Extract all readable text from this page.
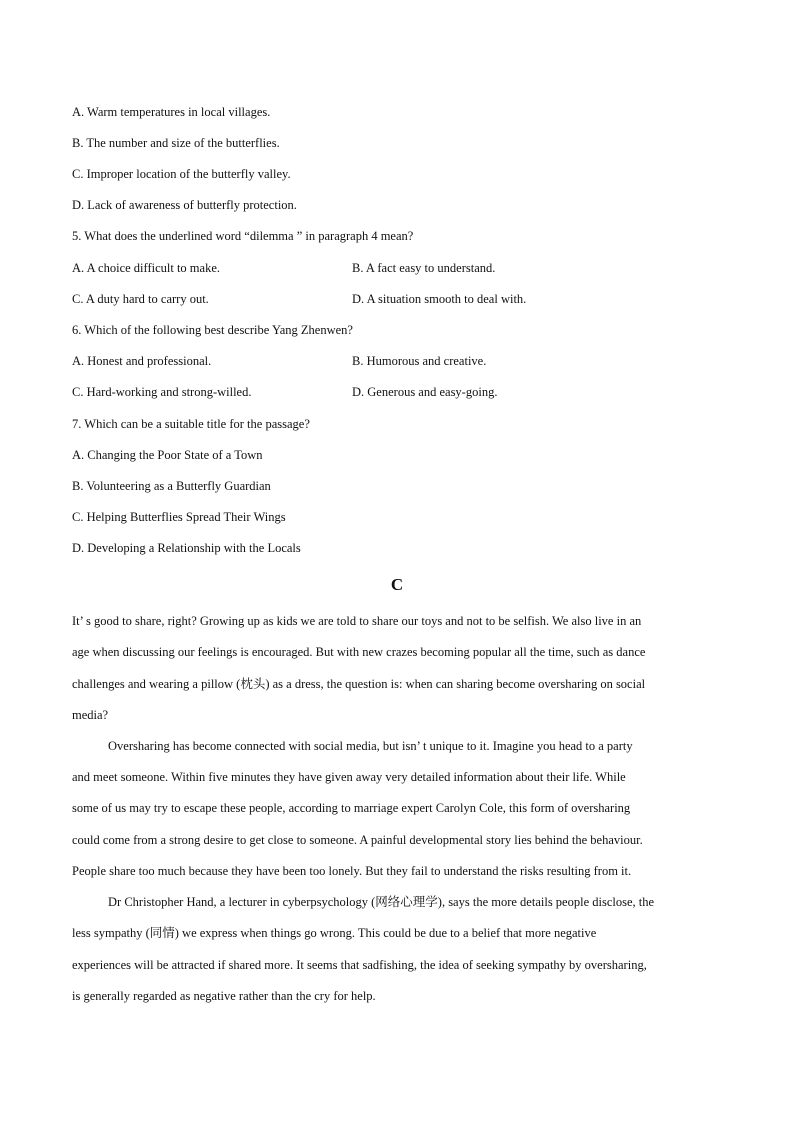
A. Warm temperatures in local villages.
B. The number and size of the butterflies.
C. Improper location of the butterfly valley.
D. Lack of awareness of butterfly protection.
5. What does the underlined word “dilemma ” in paragraph 4 mean?
A. A choice difficult to make.	B. A fact easy to understand.
C. A duty hard to carry out.	D. A situation smooth to deal with.
6. Which of the following best describe Yang Zhenwen?
A. Honest and professional.	B. Humorous and creative.
C. Hard-working and strong-willed.	D. Generous and easy-going.
7. Which can be a suitable title for the passage?
A. Changing the Poor State of a Town
B. Volunteering as a Butterfly Guardian
C. Helping Butterflies Spread Their Wings
D. Developing a Relationship with the Locals
C
It’ s good to share, right? Growing up as kids we are told to share our toys and not to be selfish. We also live in an
age when discussing our feelings is encouraged. But with new crazes becoming popular all the time, such as dance
challenges and wearing a pillow (枕头) as a dress, the question is: when can sharing become oversharing on social
media?
Oversharing has become connected with social media, but isn’ t unique to it. Imagine you head to a party
and meet someone. Within five minutes they have given away very detailed information about their life. While
some of us may try to escape these people, according to marriage expert Carolyn Cole, this form of oversharing
could come from a strong desire to get close to someone. A painful developmental story lies behind the behaviour.
People share too much because they have been too lonely. But they fail to understand the risks resulting from it.
Dr Christopher Hand, a lecturer in cyberpsychology (网络心理学), says the more details people disclose, the
less sympathy (同情) we express when things go wrong. This could be due to a belief that more negative
experiences will be attracted if shared more. It seems that sadfishing, the idea of seeking sympathy by oversharing,
is generally regarded as negative rather than the cry for help.
